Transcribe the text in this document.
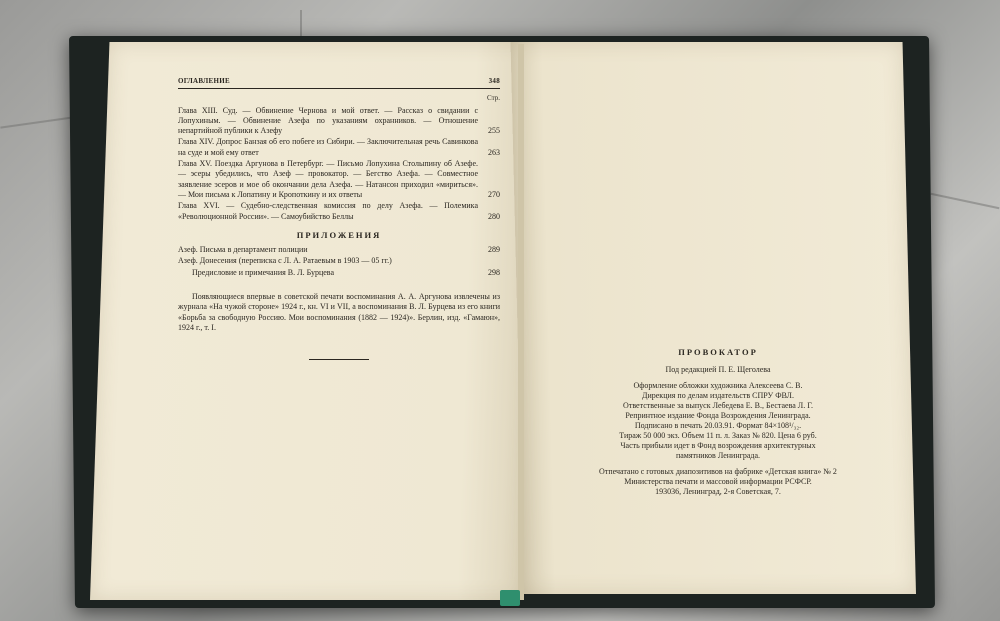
ОГЛАВЛЕНИЕ	348
Стр.
Глава XIII. Суд. — Обвинение Чернова и мой ответ. — Рассказ о свидании с Лопухиным. — Обвинение Азефа по указаниям охранников. — Отношение непартийной публики к Азефу	255
Глава XIV. Допрос Банзая об его побеге из Сибири. — Заключительная речь Савинкова на суде и мой ему ответ	263
Глава XV. Поездка Аргунова в Петербург. — Письмо Лопухина Столыпину об Азефе. — эсеры убедились, что Азеф — провокатор. — Бегство Азефа. — Совместное заявление эсеров и мое об окончании дела Азефа. — Натансон приходил «мириться». — Мои письма к Лопатину и Кропоткину и их ответы	270
Глава XVI. — Судебно-следственная комиссия по делу Азефа. — Полемика «Революционной России». — Самоубийство Беллы	280
ПРИЛОЖЕНИЯ
Азеф. Письма в департамент полиции	289
Азеф. Донесения (переписка с Л. А. Ратаевым в 1903 — 05 гг.)
Предисловие и примечания В. Л. Бурцева	298
Появляющиеся впервые в советской печати воспоминания А. А. Аргунова извлечены из журнала «На чужой стороне» 1924 г., кн. VI и VII, а воспоминания В. Л. Бурцева из его книги «Борьба за свободную Россию. Мои воспоминания (1882 — 1924)». Берлин, изд. «Гамаюн», 1924 г., т. I.
ПРОВОКАТОР

Под редакцией П. Е. Щеголева

Оформление обложки художника Алексеева С. В.

Дирекция по делам издательств СПРУ ФВЛ.

Ответственные за выпуск Лебедева Е. В., Бестаева Л. Г.

Репринтное издание Фонда Возрождения Ленинграда.

Подписано в печать 20.03.91. Формат 84×108¹/₃₂.

Тираж 50 000 экз. Объем 11 п. л. Заказ № 820. Цена 6 руб.

Часть прибыли идет в Фонд возрождения архитектурных

памятников Ленинграда.

Отпечатано с готовых диапозитивов на фабрике «Детская книга» № 2

Министерства печати и массовой информации РСФСР.

193036, Ленинград, 2-я Советская, 7.
